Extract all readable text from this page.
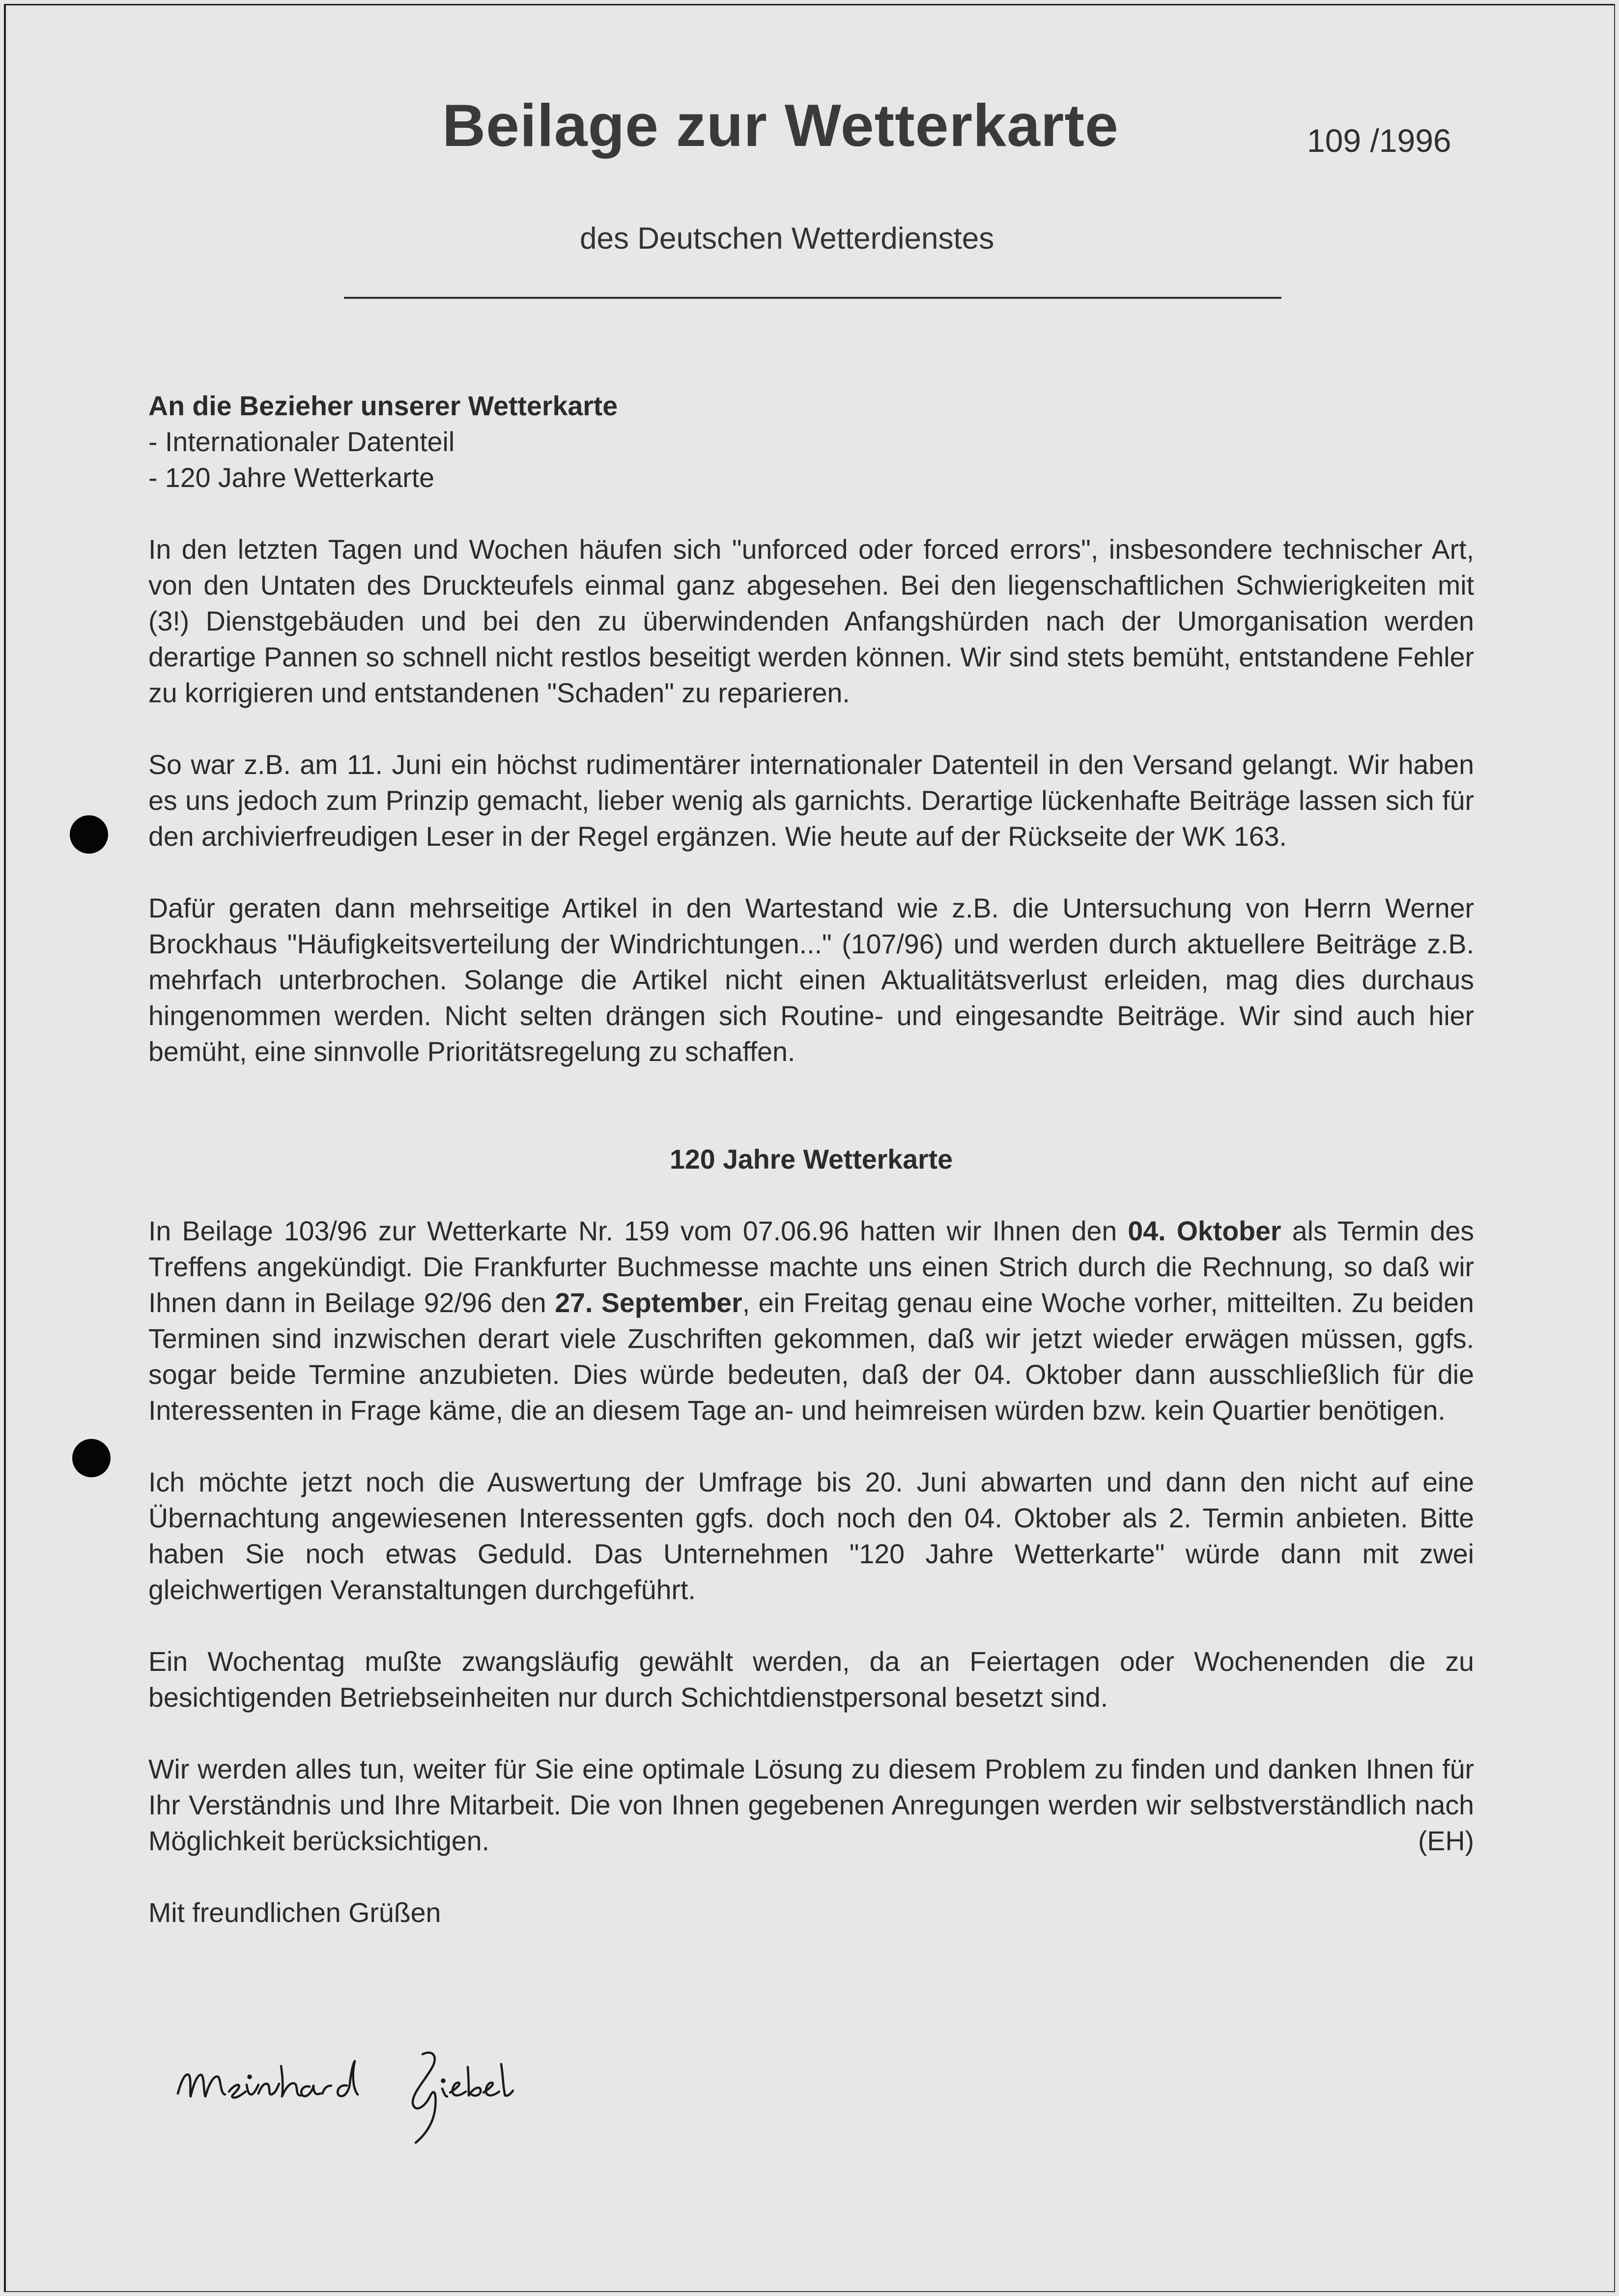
Beilage zur Wetterkarte	109 /1996
des Deutschen Wetterdienstes
An die Bezieher unserer Wetterkarte
- Internationaler Datenteil
- 120 Jahre Wetterkarte

In den letzten Tagen und Wochen häufen sich "unforced oder forced errors", insbesondere technischer Art, von den Untaten des Druckteufels einmal ganz abgesehen. Bei den liegenschaftlichen Schwierigkeiten mit (3!) Dienstgebäuden und bei den zu überwindenden Anfangshürden nach der Umorganisation werden derartige Pannen so schnell nicht restlos beseitigt werden können. Wir sind stets bemüht, entstandene Fehler zu korrigieren und entstandenen "Schaden" zu reparieren.

So war z.B. am 11. Juni ein höchst rudimentärer internationaler Datenteil in den Versand gelangt. Wir haben es uns jedoch zum Prinzip gemacht, lieber wenig als garnichts. Derartige lückenhafte Beiträge lassen sich für den archivierfreudigen Leser in der Regel ergänzen. Wie heute auf der Rückseite der WK 163.

Dafür geraten dann mehrseitige Artikel in den Wartestand wie z.B. die Untersuchung von Herrn Werner Brockhaus "Häufigkeitsverteilung der Windrichtungen..." (107/96) und werden durch aktuellere Beiträge z.B. mehrfach unterbrochen. Solange die Artikel nicht einen Aktualitätsverlust erleiden, mag dies durchaus hingenommen werden. Nicht selten drängen sich Routine- und eingesandte Beiträge. Wir sind auch hier bemüht, eine sinnvolle Prioritätsregelung zu schaffen.

120 Jahre Wetterkarte

In Beilage 103/96 zur Wetterkarte Nr. 159 vom 07.06.96 hatten wir Ihnen den 04. Oktober als Termin des Treffens angekündigt. Die Frankfurter Buchmesse machte uns einen Strich durch die Rechnung, so daß wir Ihnen dann in Beilage 92/96 den 27. September, ein Freitag genau eine Woche vorher, mitteilten. Zu beiden Terminen sind inzwischen derart viele Zuschriften gekommen, daß wir jetzt wieder erwägen müssen, ggfs. sogar beide Termine anzubieten. Dies würde bedeuten, daß der 04. Oktober dann ausschließlich für die Interessenten in Frage käme, die an diesem Tage an- und heimreisen würden bzw. kein Quartier benötigen.

Ich möchte jetzt noch die Auswertung der Umfrage bis 20. Juni abwarten und dann den nicht auf eine Übernachtung angewiesenen Interessenten ggfs. doch noch den 04. Oktober als 2. Termin anbieten. Bitte haben Sie noch etwas Geduld. Das Unternehmen "120 Jahre Wetterkarte" würde dann mit zwei gleichwertigen Veranstaltungen durchgeführt.

Ein Wochentag mußte zwangsläufig gewählt werden, da an Feiertagen oder Wochenenden die zu besichtigenden Betriebseinheiten nur durch Schichtdienstpersonal besetzt sind.

Wir werden alles tun, weiter für Sie eine optimale Lösung zu diesem Problem zu finden und danken Ihnen für Ihr Verständnis und Ihre Mitarbeit. Die von Ihnen gegebenen Anregungen werden wir selbstverständlich nach Möglichkeit berücksichtigen.	(EH)

Mit freundlichen Grüßen
